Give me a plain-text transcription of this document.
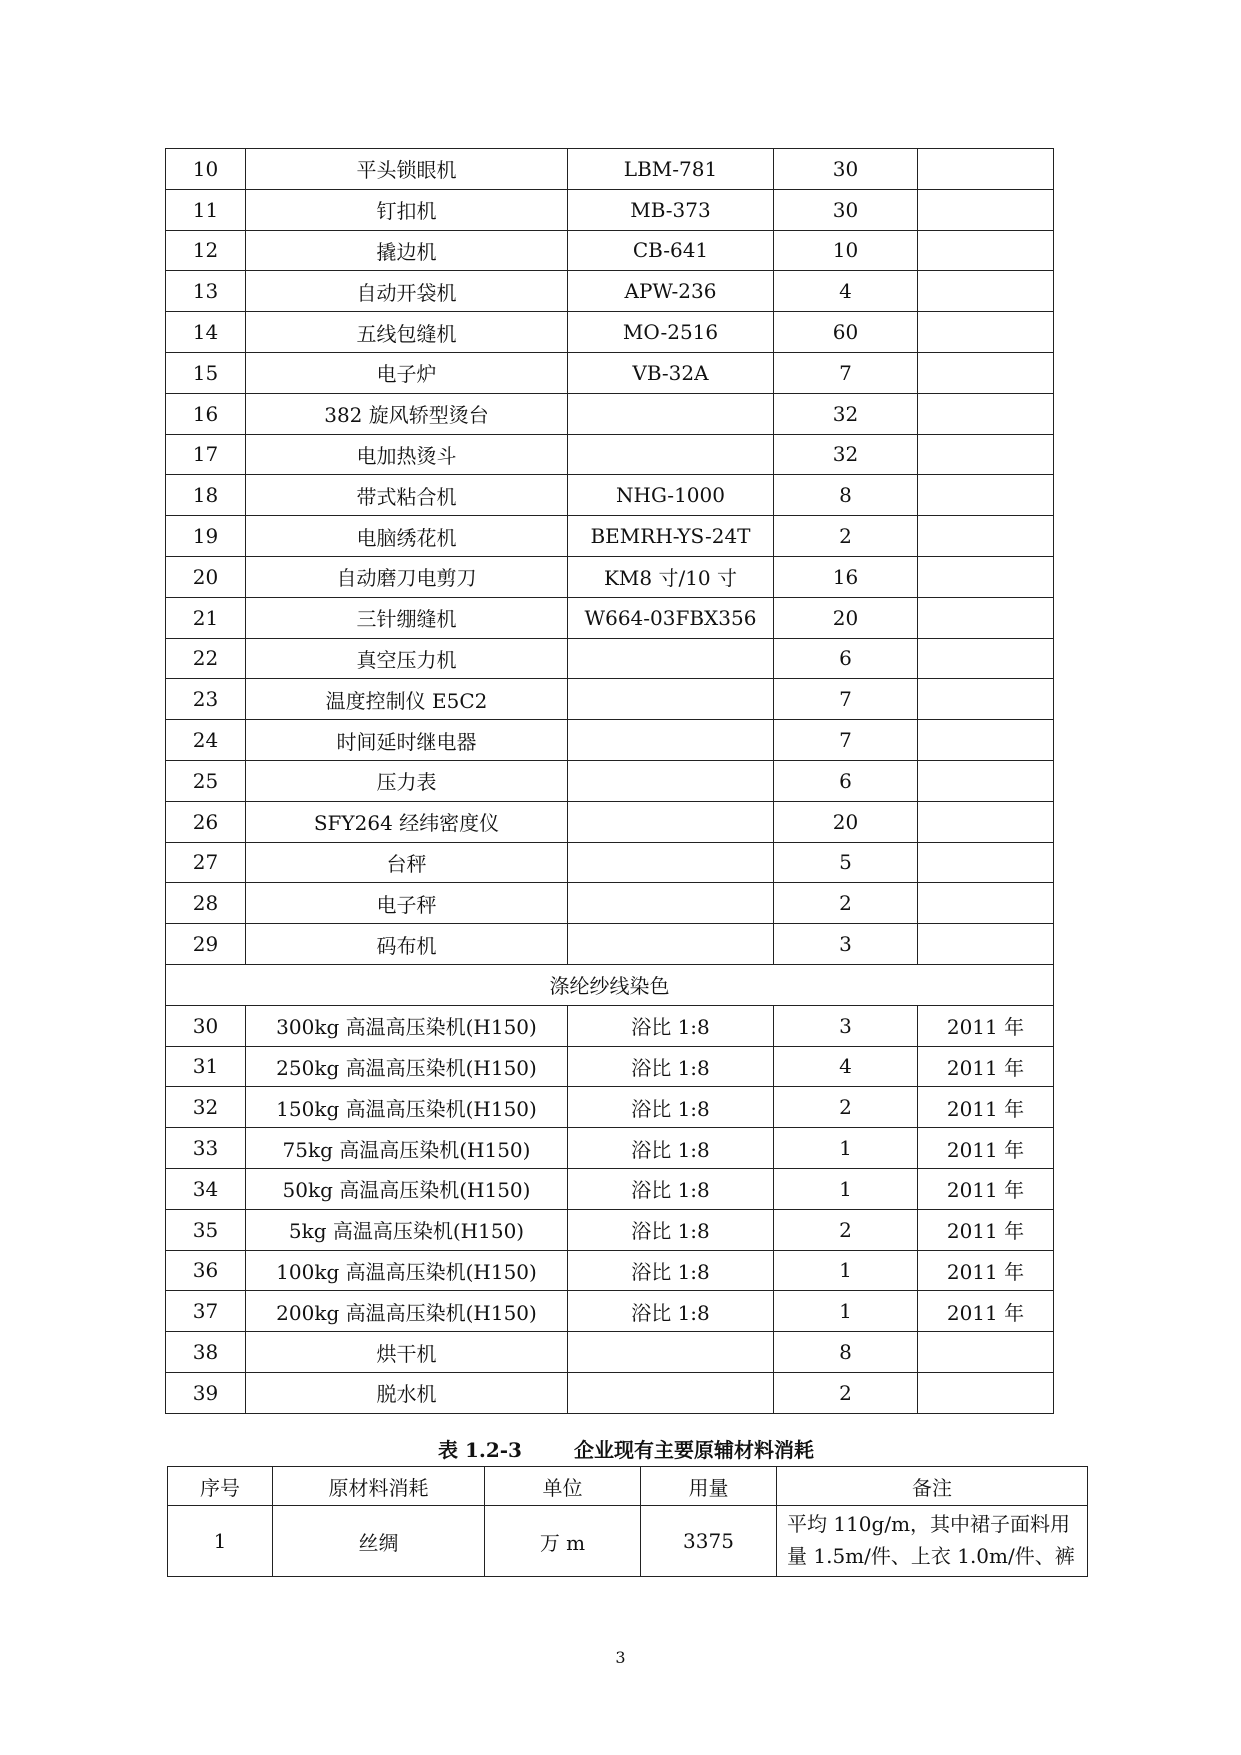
10	平头锁眼机	LBM-781	30	
11	钉扣机	MB-373	30	
12	撬边机	CB-641	10	
13	自动开袋机	APW-236	4	
14	五线包缝机	MO-2516	60	
15	电子炉	VB-32A	7	
16	382 旋风轿型烫台		32	
17	电加热烫斗		32	
18	带式粘合机	NHG-1000	8	
19	电脑绣花机	BEMRH-YS-24T	2	
20	自动磨刀电剪刀	KM8 寸/10 寸	16	
21	三针绷缝机	W664-03FBX356	20	
22	真空压力机		6	
23	温度控制仪 E5C2		7	
24	时间延时继电器		7	
25	压力表		6	
26	SFY264 经纬密度仪		20	
27	台秤		5	
28	电子秤		2	
29	码布机		3	
涤纶纱线染色				
30	300kg 高温高压染机(H150)	浴比 1:8	3	2011 年
31	250kg 高温高压染机(H150)	浴比 1:8	4	2011 年
32	150kg 高温高压染机(H150)	浴比 1:8	2	2011 年
33	75kg 高温高压染机(H150)	浴比 1:8	1	2011 年
34	50kg 高温高压染机(H150)	浴比 1:8	1	2011 年
35	5kg 高温高压染机(H150)	浴比 1:8	2	2011 年
36	100kg 高温高压染机(H150)	浴比 1:8	1	2011 年
37	200kg 高温高压染机(H150)	浴比 1:8	1	2011 年
38	烘干机		8	
39	脱水机		2	
表 1.2-3	企业现有主要原辅材料消耗
序号	原材料消耗	单位	用量	备注
1	丝绸	万 m	3375	平均 110g/m，其中裙子面料用量 1.5m/件、上衣 1.0m/件、裤
3
